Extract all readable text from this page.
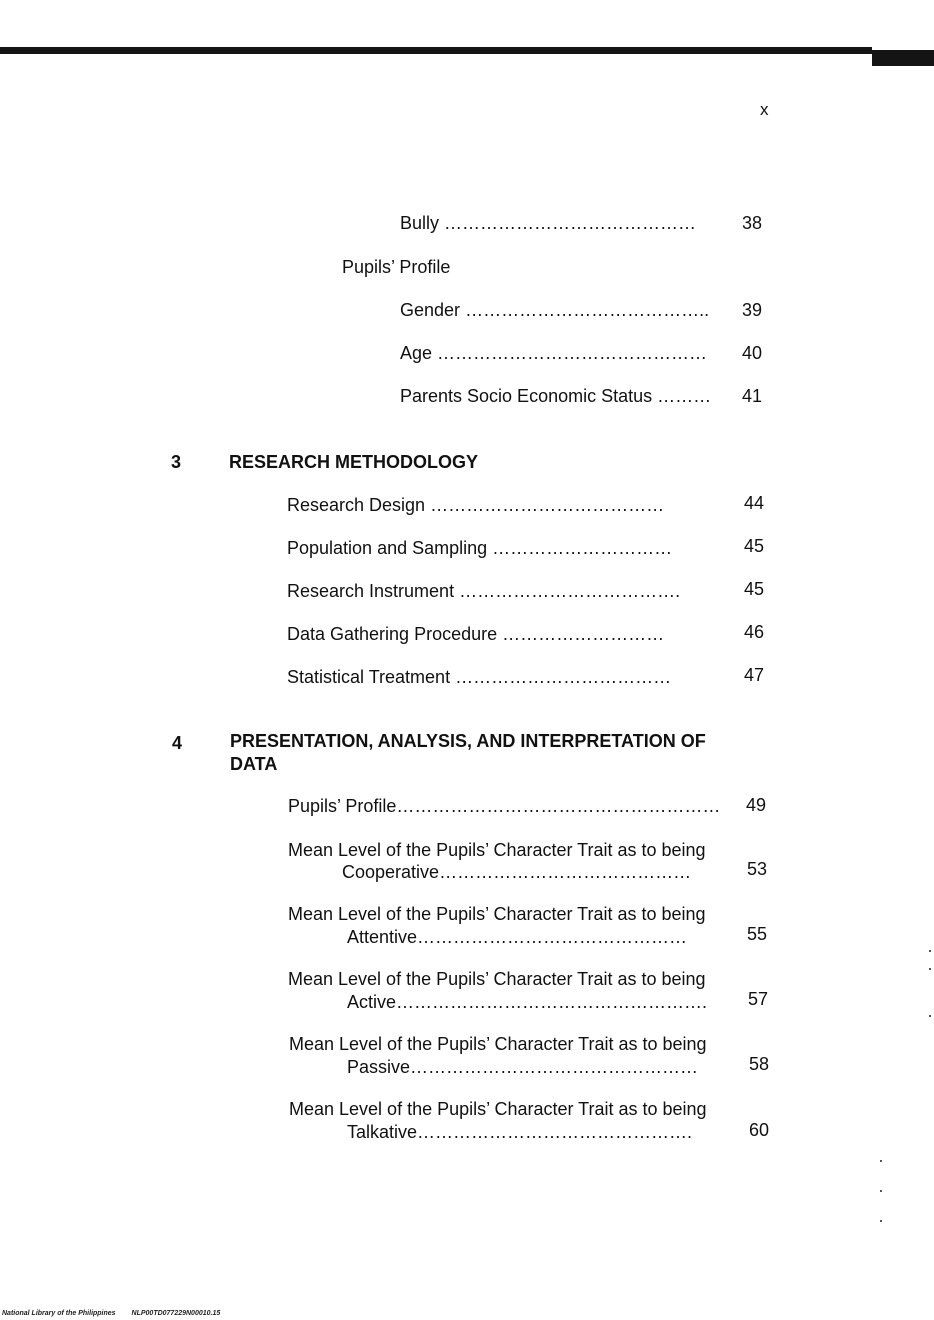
x
Bully ……………………………………	38
Pupils’ Profile
Gender ………………………………….. 39
Age ……………………………………… 40
Parents Socio Economic Status ……… 41
3	RESEARCH METHODOLOGY
Research Design …………………………………	44
Population and Sampling …………………………	45
Research Instrument ……………………………….	45
Data Gathering Procedure ………………………	46
Statistical Treatment ………………………………	47
4	PRESENTATION, ANALYSIS, AND INTERPRETATION OF
DATA
Pupils’ Profile……………………………………………… 49
Mean Level of the Pupils’ Character Trait as to being
Cooperative……………………………………	53
Mean Level of the Pupils’ Character Trait as to being
Attentive………………………………………	55
Mean Level of the Pupils’ Character Trait as to being
Active……………………………………………. 57
Mean Level of the Pupils’ Character Trait as to being
Passive…………………………………………	58
Mean Level of the Pupils’ Character Trait as to being
Talkative……………………………………….	60
National Library of the Philippines NLP00TD077229N00010.15
